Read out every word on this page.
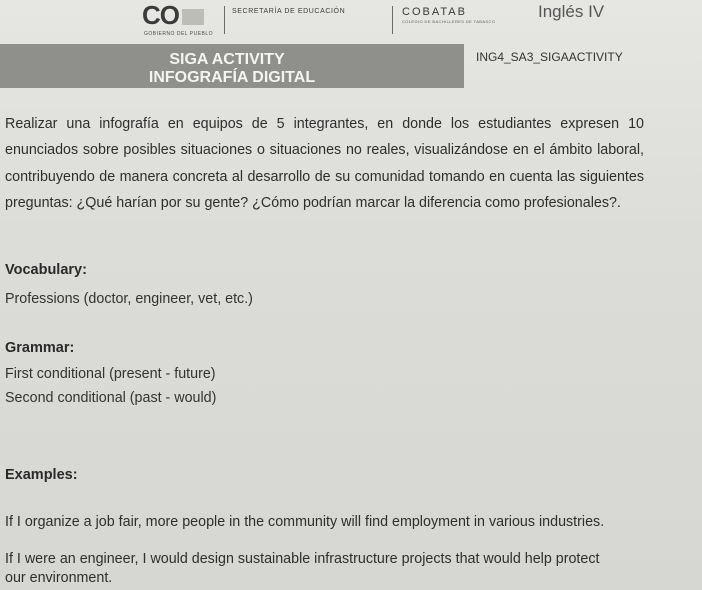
CO
GOBIERNO DEL PUEBLO
SECRETARÍA DE EDUCACIÓN	COBATAB
COLEGIO DE BACHILLERES DE TABASCO
Inglés IV
SIGA ACTIVITY
INFOGRAFÍA DIGITAL
ING4_SA3_SIGAACTIVITY
Realizar una infografía en equipos de 5 integrantes, en donde los estudiantes expresen 10 enunciados sobre posibles situaciones o situaciones no reales, visualizándose en el ámbito laboral, contribuyendo de manera concreta al desarrollo de su comunidad tomando en cuenta las siguientes preguntas: ¿Qué harían por su gente? ¿Cómo podrían marcar la diferencia como profesionales?.
Vocabulary:
Professions (doctor, engineer, vet, etc.)
Grammar:
First conditional (present - future)
Second conditional (past - would)
Examples:
If I organize a job fair, more people in the community will find employment in various industries.
If I were an engineer, I would design sustainable infrastructure projects that would help protect our environment.
